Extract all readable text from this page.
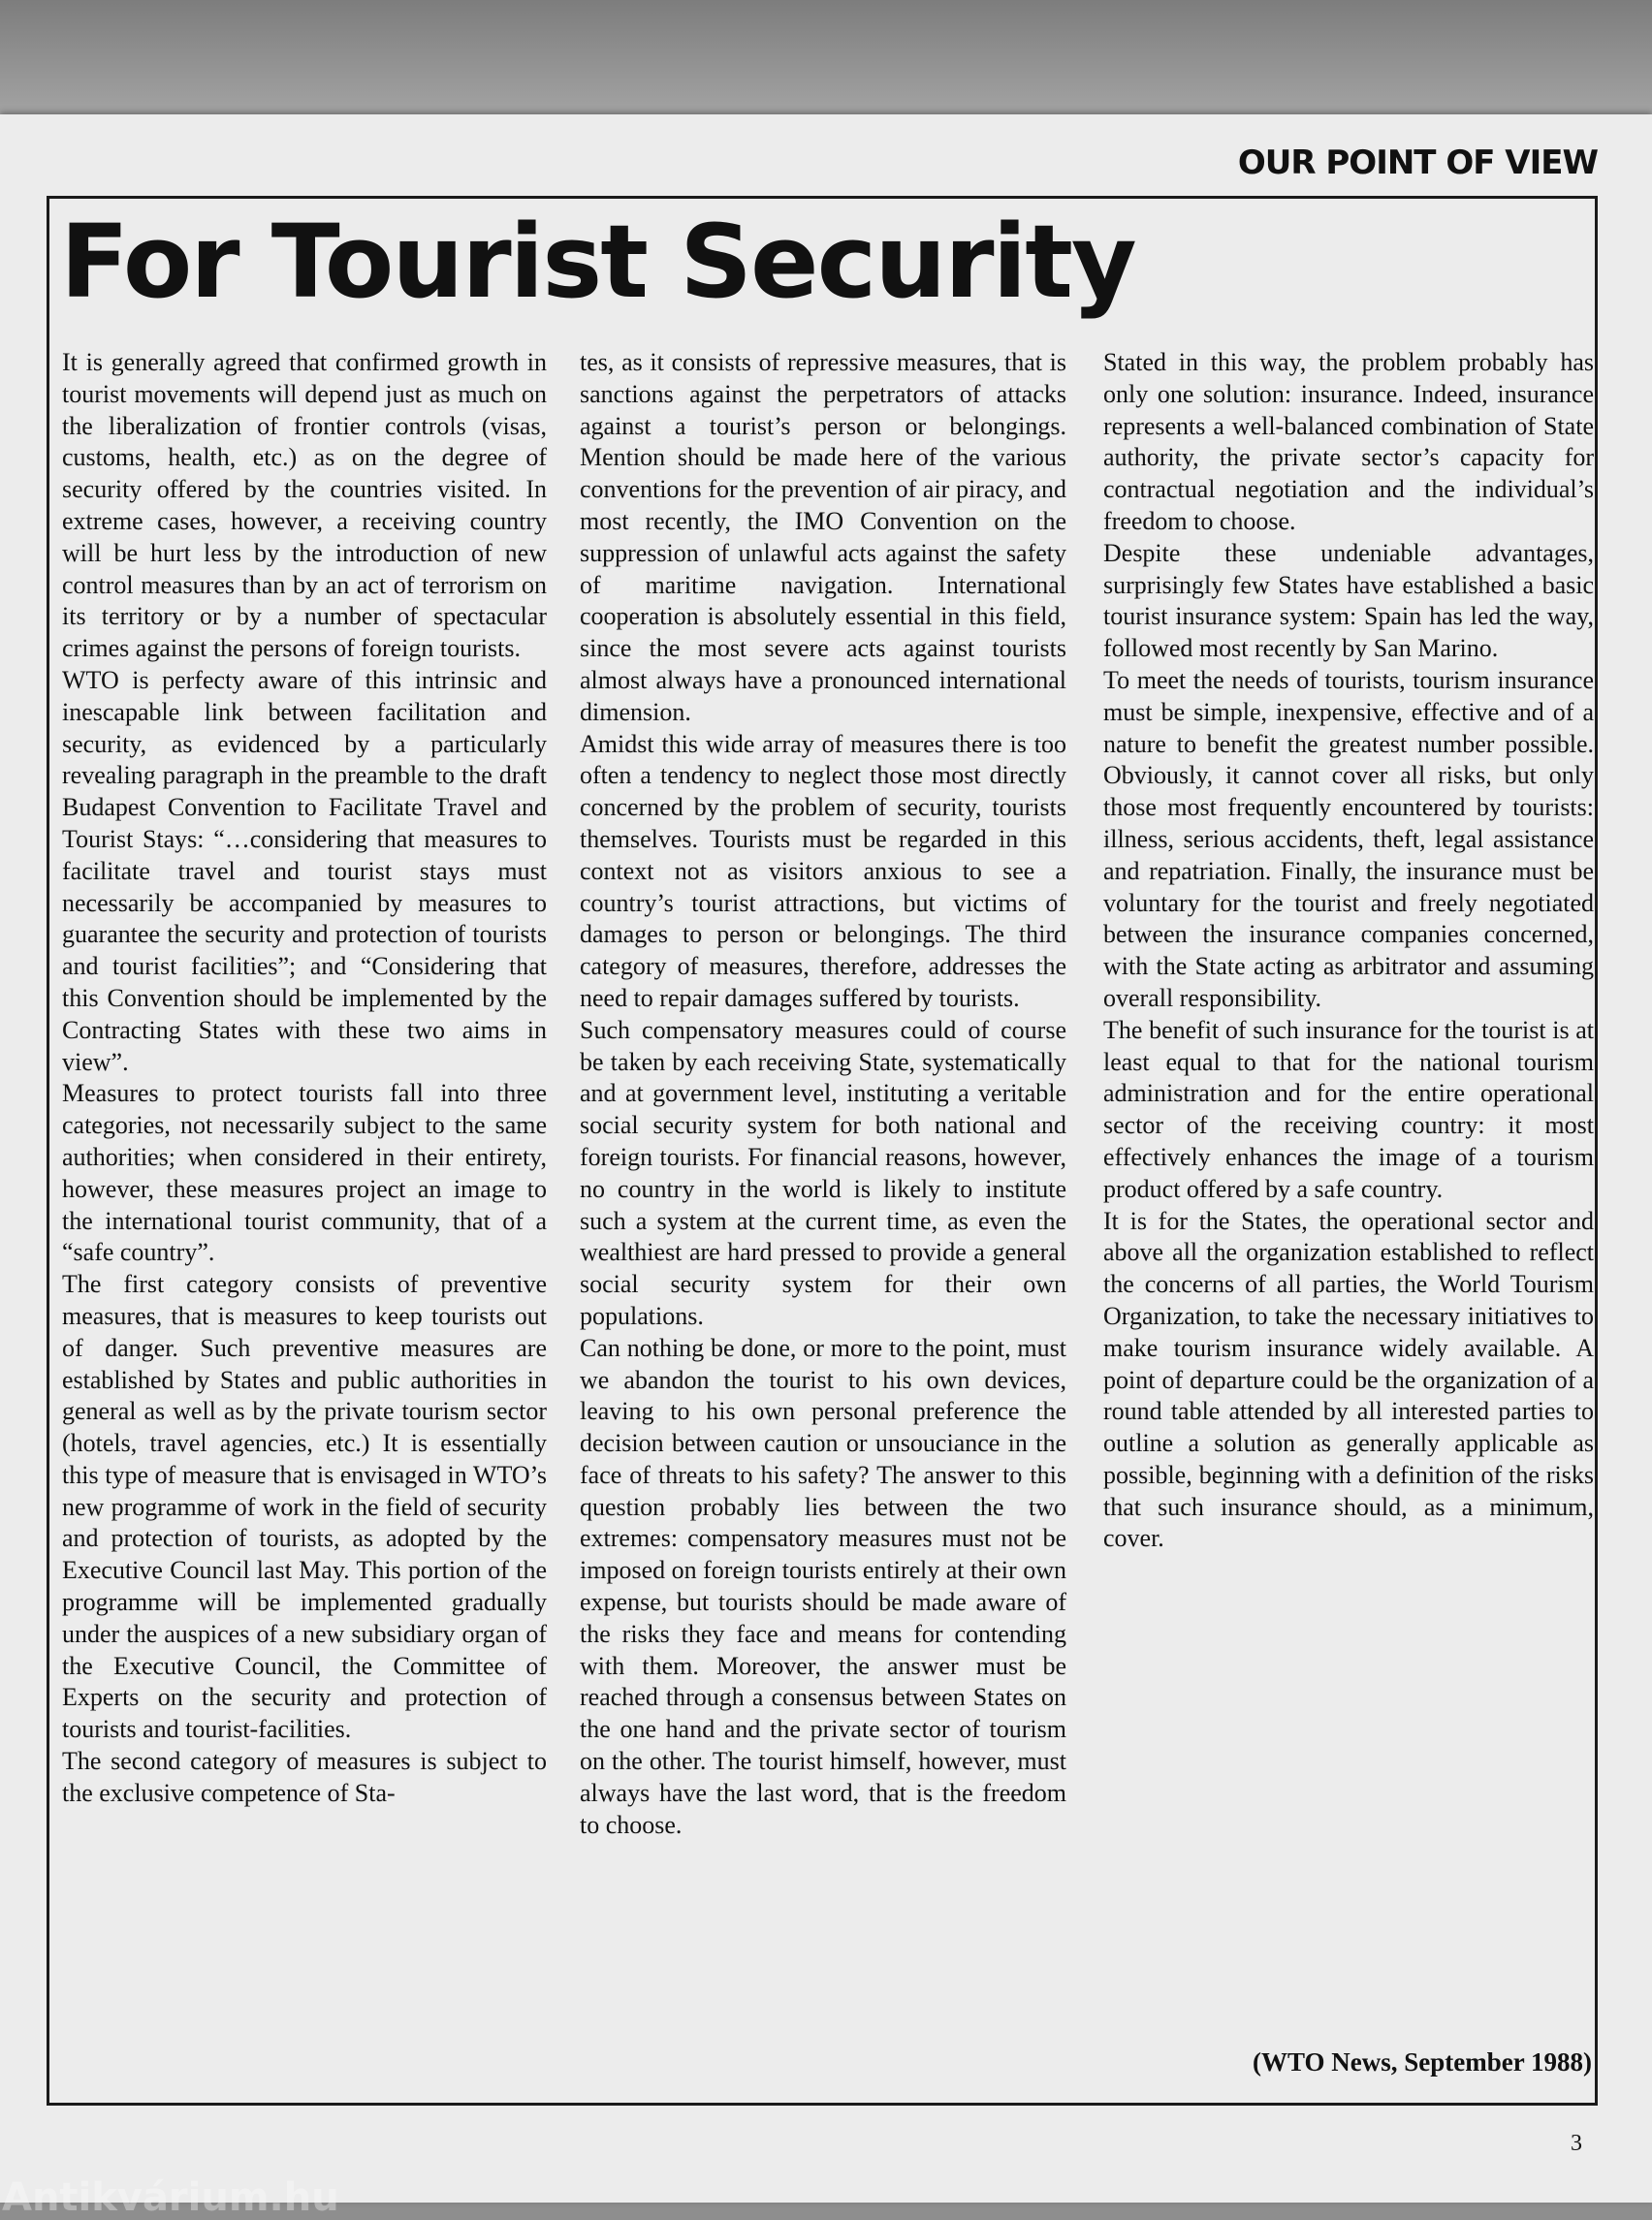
OUR POINT OF VIEW
For Tourist Security

It is generally agreed that confirmed growth in tourist movements will depend just as much on the liberalization of frontier controls (visas, customs, health, etc.) as on the degree of security offered by the countries visited. In extreme cases, however, a receiving country will be hurt less by the introduction of new control measures than by an act of terrorism on its territory or by a number of spectacular crimes against the persons of foreign tourists.

WTO is perfecty aware of this intrinsic and inescapable link between facilitation and security, as evidenced by a particularly revealing paragraph in the preamble to the draft Budapest Convention to Facilitate Travel and Tourist Stays: “…considering that measures to facilitate travel and tourist stays must necessarily be accompanied by measures to guarantee the security and protection of tourists and tourist facilities”; and “Considering that this Convention should be implemented by the Contracting States with these two aims in view”.

Measures to protect tourists fall into three categories, not necessarily subject to the same authorities; when considered in their entirety, however, these measures project an image to the international tourist community, that of a “safe country”.

The first category consists of preventive measures, that is measures to keep tourists out of danger. Such preventive measures are established by States and public authorities in general as well as by the private tourism sector (hotels, travel agencies, etc.) It is essentially this type of measure that is envisaged in WTO’s new programme of work in the field of security and protection of tourists, as adopted by the Executive Council last May. This portion of the programme will be implemented gradually under the auspices of a new subsidiary organ of the Executive Council, the Committee of Experts on the security and protection of tourists and tourist-facilities.

The second category of measures is subject to the exclusive competence of Sta-

tes, as it consists of repressive measures, that is sanctions against the perpetrators of attacks against a tourist’s person or belongings. Mention should be made here of the various conventions for the prevention of air piracy, and most recently, the IMO Convention on the suppression of unlawful acts against the safety of maritime navigation. International cooperation is absolutely essential in this field, since the most severe acts against tourists almost always have a pronounced international dimension.

Amidst this wide array of measures there is too often a tendency to neglect those most directly concerned by the problem of security, tourists themselves. Tourists must be regarded in this context not as visitors anxious to see a country’s tourist attractions, but victims of damages to person or belongings. The third category of measures, therefore, addresses the need to repair damages suffered by tourists.

Such compensatory measures could of course be taken by each receiving State, systematically and at government level, instituting a veritable social security system for both national and foreign tourists. For financial reasons, however, no country in the world is likely to institute such a system at the current time, as even the wealthiest are hard pressed to provide a general social security system for their own populations.

Can nothing be done, or more to the point, must we abandon the tourist to his own devices, leaving to his own personal preference the decision between caution or unsouciance in the face of threats to his safety? The answer to this question probably lies between the two extremes: compensatory measures must not be imposed on foreign tourists entirely at their own expense, but tourists should be made aware of the risks they face and means for contending with them. Moreover, the answer must be reached through a consensus between States on the one hand and the private sector of tourism on the other. The tourist himself, however, must always have the last word, that is the freedom to choose.

Stated in this way, the problem probably has only one solution: insurance. Indeed, insurance represents a well-balanced combination of State authority, the private sector’s capacity for contractual negotiation and the individual’s freedom to choose.

Despite these undeniable advantages, surprisingly few States have established a basic tourist insurance system: Spain has led the way, followed most recently by San Marino.

To meet the needs of tourists, tourism insurance must be simple, inexpensive, effective and of a nature to benefit the greatest number possible. Obviously, it cannot cover all risks, but only those most frequently encountered by tourists: illness, serious accidents, theft, legal assistance and repatriation. Finally, the insurance must be voluntary for the tourist and freely negotiated between the insurance companies concerned, with the State acting as arbitrator and assuming overall responsibility.

The benefit of such insurance for the tourist is at least equal to that for the national tourism administration and for the entire operational sector of the receiving country: it most effectively enhances the image of a tourism product offered by a safe country.

It is for the States, the operational sector and above all the organization established to reflect the concerns of all parties, the World Tourism Organization, to take the necessary initiatives to make tourism insurance widely available. A point of departure could be the organization of a round table attended by all interested parties to outline a solution as generally applicable as possible, beginning with a definition of the risks that such insurance should, as a minimum, cover.

(WTO News, September 1988)
3
Antikvárium.hu
